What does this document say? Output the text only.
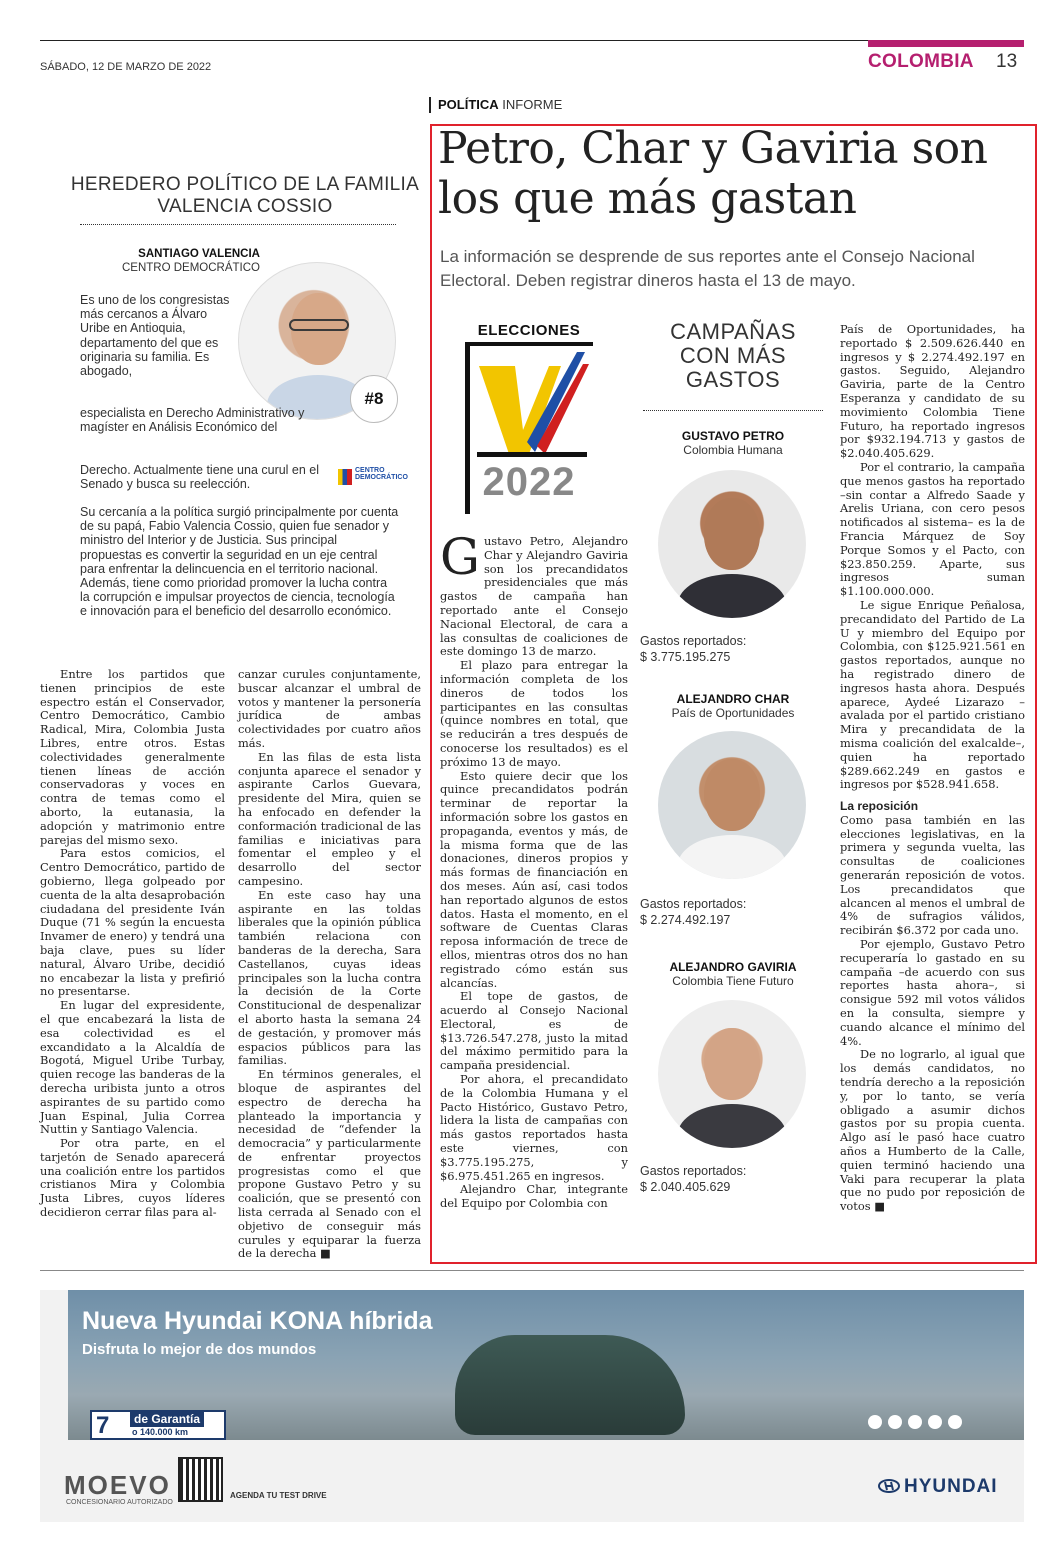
SÁBADO, 12 DE MARZO DE 2022	COLOMBIA 13
POLÍTICA INFORME
Petro, Char y Gaviria son los que más gastan
La información se desprende de sus reportes ante el Consejo Nacional Electoral. Deben registrar dineros hasta el 13 de mayo.
HEREDERO POLÍTICO DE LA FAMILIA VALENCIA COSSIO
SANTIAGO VALENCIA
CENTRO DEMOCRÁTICO
#8
CENTRO DEMOCRÁTICO
Es uno de los congresistas más cercanos a Álvaro Uribe en Antioquia, departamento del que es originaria su familia. Es abogado,
especialista en Derecho Administrativo y magíster en Análisis Económico del
Derecho. Actualmente tiene una curul en el Senado y busca su reelección.
Su cercanía a la política surgió principalmente por cuenta de su papá, Fabio Valencia Cossio, quien fue senador y ministro del Interior y de Justicia. Sus principal propuestas es convertir la seguridad en un eje central para enfrentar la delincuencia en el territorio nacional. Además, tiene como prioridad promover la lucha contra la corrupción e impulsar proyectos de ciencia, tecnología e innovación para el beneficio del desarrollo económico.

Entre los partidos que tienen principios de este espectro están el Conservador, Centro Democrático, Cambio Radical, Mira, Colombia Justa Libres, entre otros. Estas colectividades generalmente tienen líneas de acción conservadoras y voces en contra de temas como el aborto, la eutanasia, la adopción y matrimonio entre parejas del mismo sexo.

Para estos comicios, el Centro Democrático, partido de gobierno, llega golpeado por cuenta de la alta desaprobación ciudadana del presidente Iván Duque (71 % según la encuesta Invamer de enero) y tendrá una baja clave, pues su líder natural, Álvaro Uribe, decidió no encabezar la lista y prefirió no presentarse.

En lugar del expresidente, el que encabezará la lista de esa colectividad es el excandidato a la Alcaldía de Bogotá, Miguel Uribe Turbay, quien recoge las banderas de la derecha uribista junto a otros aspirantes de su partido como Juan Espinal, Julia Correa Nuttin y Santiago Valencia.

Por otra parte, en el tarjetón de Senado aparecerá una coalición entre los partidos cristianos Mira y Colombia Justa Libres, cuyos líderes decidieron cerrar filas para al-

canzar curules conjuntamente, buscar alcanzar el umbral de votos y mantener la personería jurídica de ambas colectividades por cuatro años más.

En las filas de esta lista conjunta aparece el senador y aspirante Carlos Guevara, presidente del Mira, quien se ha enfocado en defender la conformación tradicional de las familias e iniciativas para fomentar el empleo y el desarrollo del sector campesino.

En este caso hay una aspirante en las toldas liberales que la opinión pública también relaciona con banderas de la derecha, Sara Castellanos, cuyas ideas principales son la lucha contra la decisión de la Corte Constitucional de despenalizar el aborto hasta la semana 24 de gestación, y promover más espacios públicos para las familias.

En términos generales, el bloque de aspirantes del espectro de derecha ha planteado la importancia y necesidad de “defender la democracia” y particularmente de enfrentar proyectos progresistas como el que propone Gustavo Petro y su coalición, que se presentó con lista cerrada al Senado con el objetivo de conseguir más curules y equiparar la fuerza de la derecha ■

ELECCIONES
2022

Gustavo Petro, Alejandro Char y Alejandro Gaviria son los precandidatos presidenciales que más gastos de campaña han reportado ante el Consejo Nacional Electoral, de cara a las consultas de coaliciones de este domingo 13 de marzo.

El plazo para entregar la información completa de los dineros de todos los participantes en las consultas (quince nombres en total, que se reducirán a tres después de conocerse los resultados) es el próximo 13 de mayo.

Esto quiere decir que los quince precandidatos podrán terminar de reportar la información sobre los gastos en propaganda, eventos y más, de la misma forma que de las donaciones, dineros propios y más formas de financiación en dos meses. Aún así, casi todos han reportado algunos de estos datos. Hasta el momento, en el software de Cuentas Claras reposa información de trece de ellos, mientras otros dos no han registrado cómo están sus alcancías.

El tope de gastos, de acuerdo al Consejo Nacional Electoral, es de $13.726.547.278, justo la mitad del máximo permitido para la campaña presidencial.

Por ahora, el precandidato de la Colombia Humana y el Pacto Histórico, Gustavo Petro, lidera la lista de campañas con más gastos reportados hasta este viernes, con $3.775.195.275, y $6.975.451.265 en ingresos.

Alejandro Char, integrante del Equipo por Colombia con

CAMPAÑAS CON MÁS GASTOS
GUSTAVO PETRO
Colombia Humana
Gastos reportados:
$ 3.775.195.275
ALEJANDRO CHAR
País de Oportunidades
Gastos reportados:
$ 2.274.492.197
ALEJANDRO GAVIRIA
Colombia Tiene Futuro
Gastos reportados:
$ 2.040.405.629

País de Oportunidades, ha reportado $ 2.509.626.440 en ingresos y $ 2.274.492.197 en gastos. Seguido, Alejandro Gaviria, parte de la Centro Esperanza y candidato de su movimiento Colombia Tiene Futuro, ha reportado ingresos por $932.194.713 y gastos de $2.040.405.629.

Por el contrario, la campaña que menos gastos ha reportado –sin contar a Alfredo Saade y Arelis Uriana, con cero pesos notificados al sistema– es la de Francia Márquez de Soy Porque Somos y el Pacto, con $23.850.259. Aparte, sus ingresos suman $1.100.000.000.

Le sigue Enrique Peñalosa, precandidato del Partido de La U y miembro del Equipo por Colombia, con $125.921.561 en gastos reportados, aunque no ha registrado dinero de ingresos hasta ahora. Después aparece, Aydeé Lizarazo –avalada por el partido cristiano Mira y precandidata de la misma coalición del exalcalde–, quien ha reportado $289.662.249 en gastos e ingresos por $528.941.658.

La reposición

Como pasa también en las elecciones legislativas, en la primera y segunda vuelta, las consultas de coaliciones generarán reposición de votos. Los precandidatos que alcancen al menos el umbral de 4% de sufragios válidos, recibirán $6.372 por cada uno.

Por ejemplo, Gustavo Petro recuperaría lo gastado en su campaña –de acuerdo con sus reportes hasta ahora–, si consigue 592 mil votos válidos en la consulta, siempre y cuando alcance el mínimo del 4%.

De no lograrlo, al igual que los demás candidatos, no tendría derecho a la reposición y, por lo tanto, se vería obligado a asumir dichos gastos por su propia cuenta. Algo así le pasó hace cuatro años a Humberto de la Calle, quien terminó haciendo una Vaki para recuperar la plata que no pudo por reposición de votos ■

Nueva Hyundai KONA híbrida
Disfruta lo mejor de dos mundos
7	de Garantía
o 140.000 km
MOEVO
CONCESIONARIO AUTORIZADO
AGENDA TU TEST DRIVE	HYUNDAI
